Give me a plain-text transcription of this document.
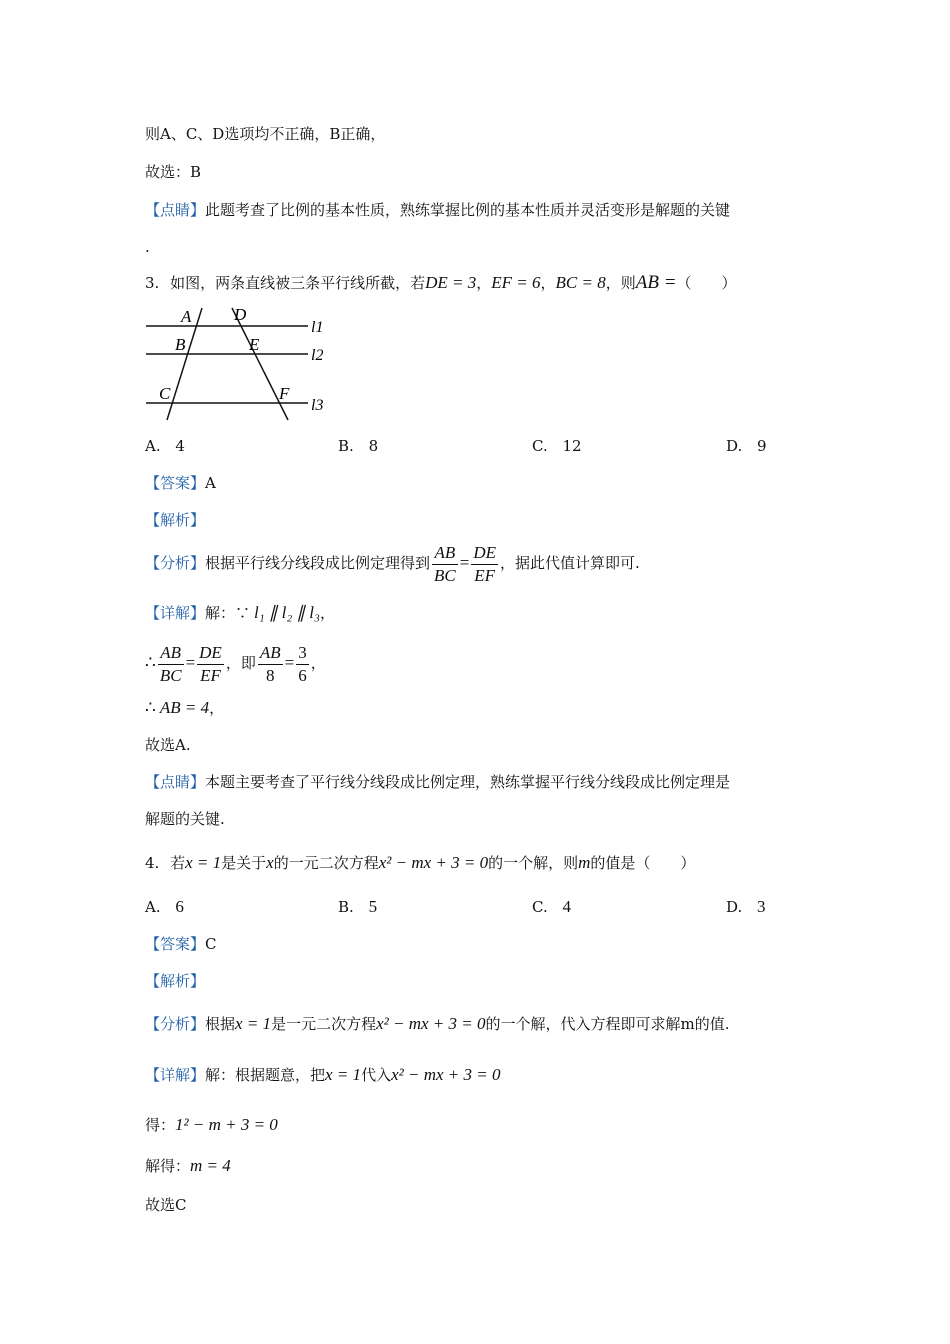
则A、C、D选项均不正确，B正确，
故选：B
【点睛】此题考查了比例的基本性质，熟练掌握比例的基本性质并灵活变形是解题的关键
.
3. 如图，两条直线被三条平行线所截，若DE = 3，EF = 6，BC = 8，则AB =（　　）
A	D
B	E
C	F
l1
l2
l3
A. 4	B. 8	C. 12	D. 9
【答案】A
【解析】
【分析】根据平行线分线段成比例定理得到 $\frac{AB}{BC} = \frac{DE}{EF}$ ，据此代值计算即可.
【详解】解：∵ l₁ ∥ l₂ ∥ l₃，
∴ $\frac{AB}{BC} = \frac{DE}{EF}$ ，即 $\frac{AB}{8} = \frac{3}{6}$ ，
∴ AB = 4，
故选A.
【点睛】本题主要考查了平行线分线段成比例定理，熟练掌握平行线分线段成比例定理是
解题的关键.
4. 若x = 1是关于x的一元二次方程x² − mx + 3 = 0的一个解，则m的值是（　　）
A. 6	B. 5	C. 4	D. 3
【答案】C
【解析】
【分析】根据x = 1是一元二次方程x² − mx + 3 = 0的一个解，代入方程即可求解m的值.
【详解】解：根据题意，把x = 1代入x² − mx + 3 = 0
得：1² − m + 3 = 0
解得：m = 4
故选C
